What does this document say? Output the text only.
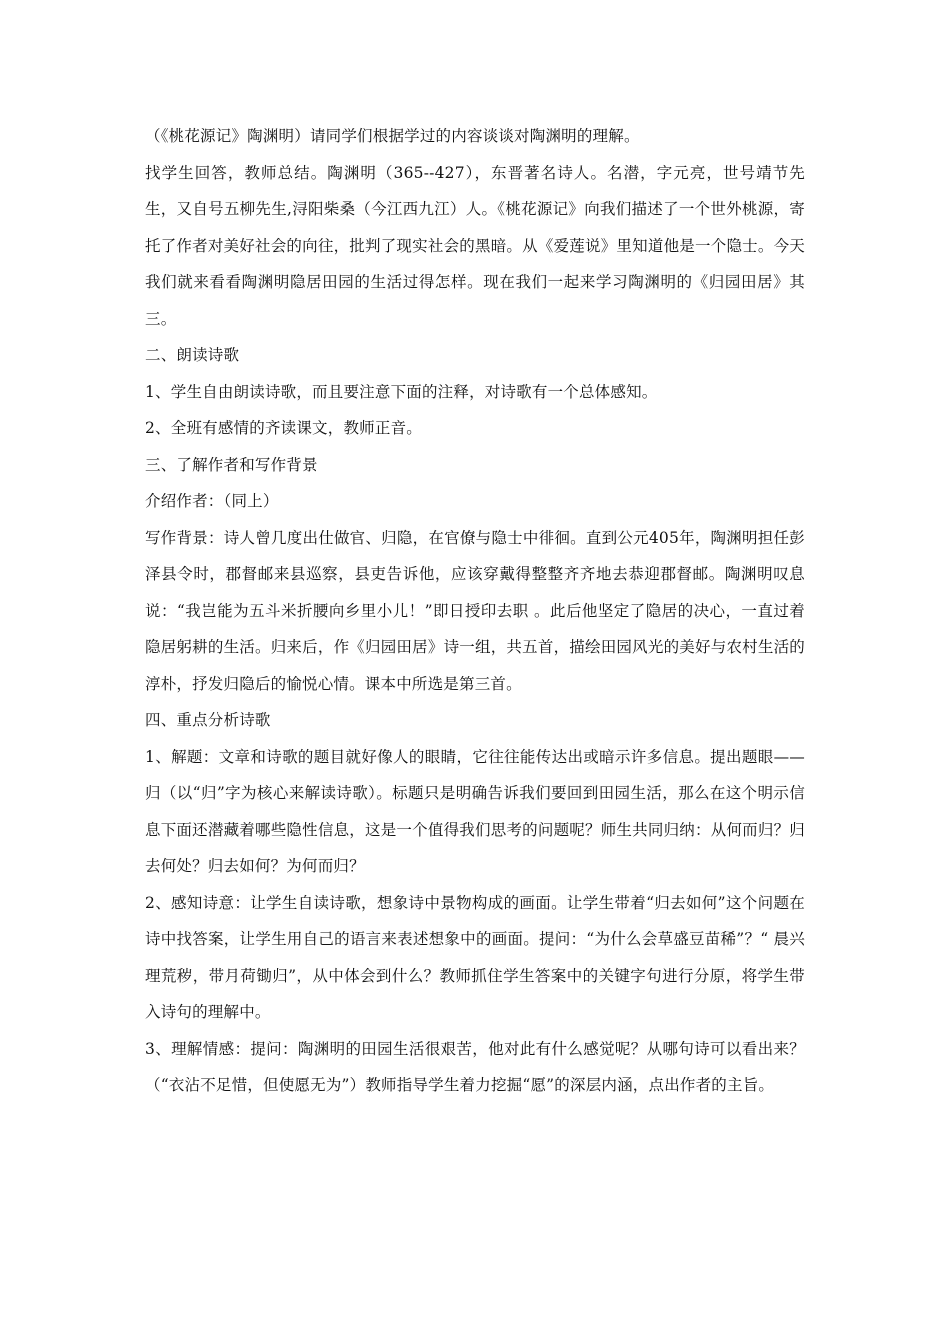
（《桃花源记》陶渊明）请同学们根据学过的内容谈谈对陶渊明的理解。

找学生回答，教师总结。陶渊明（365--427），东晋著名诗人。名潜，字元亮，世号靖节先生，又自号五柳先生,浔阳柴桑（今江西九江）人。《桃花源记》向我们描述了一个世外桃源，寄托了作者对美好社会的向往，批判了现实社会的黑暗。从《爱莲说》里知道他是一个隐士。今天我们就来看看陶渊明隐居田园的生活过得怎样。现在我们一起来学习陶渊明的《归园田居》其三。

二、朗读诗歌

1、学生自由朗读诗歌，而且要注意下面的注释，对诗歌有一个总体感知。

2、全班有感情的齐读课文，教师正音。

三、了解作者和写作背景

介绍作者：（同上）

写作背景：诗人曾几度出仕做官、归隐，在官僚与隐士中徘徊。直到公元405年，陶渊明担任彭泽县令时，郡督邮来县巡察，县吏告诉他，应该穿戴得整整齐齐地去恭迎郡督邮。陶渊明叹息说：“我岂能为五斗米折腰向乡里小儿！”即日授印去职 。此后他坚定了隐居的决心，一直过着隐居躬耕的生活。归来后，作《归园田居》诗一组，共五首，描绘田园风光的美好与农村生活的淳朴，抒发归隐后的愉悦心情。课本中所选是第三首。

四、重点分析诗歌

1、解题：文章和诗歌的题目就好像人的眼睛，它往往能传达出或暗示许多信息。提出题眼——归（以“归”字为核心来解读诗歌）。标题只是明确告诉我们要回到田园生活，那么在这个明示信息下面还潜藏着哪些隐性信息，这是一个值得我们思考的问题呢？师生共同归纳：从何而归？归去何处？归去如何？为何而归？

2、感知诗意：让学生自读诗歌，想象诗中景物构成的画面。让学生带着“归去如何”这个问题在诗中找答案，让学生用自己的语言来表述想象中的画面。提问：“为什么会草盛豆苗稀”？“ 晨兴理荒秽，带月荷锄归”，从中体会到什么？教师抓住学生答案中的关键字句进行分原，将学生带入诗句的理解中。

3、理解情感：提问：陶渊明的田园生活很艰苦，他对此有什么感觉呢？从哪句诗可以看出来？（“衣沾不足惜，但使愿无为”）教师指导学生着力挖掘“愿”的深层内涵，点出作者的主旨。
